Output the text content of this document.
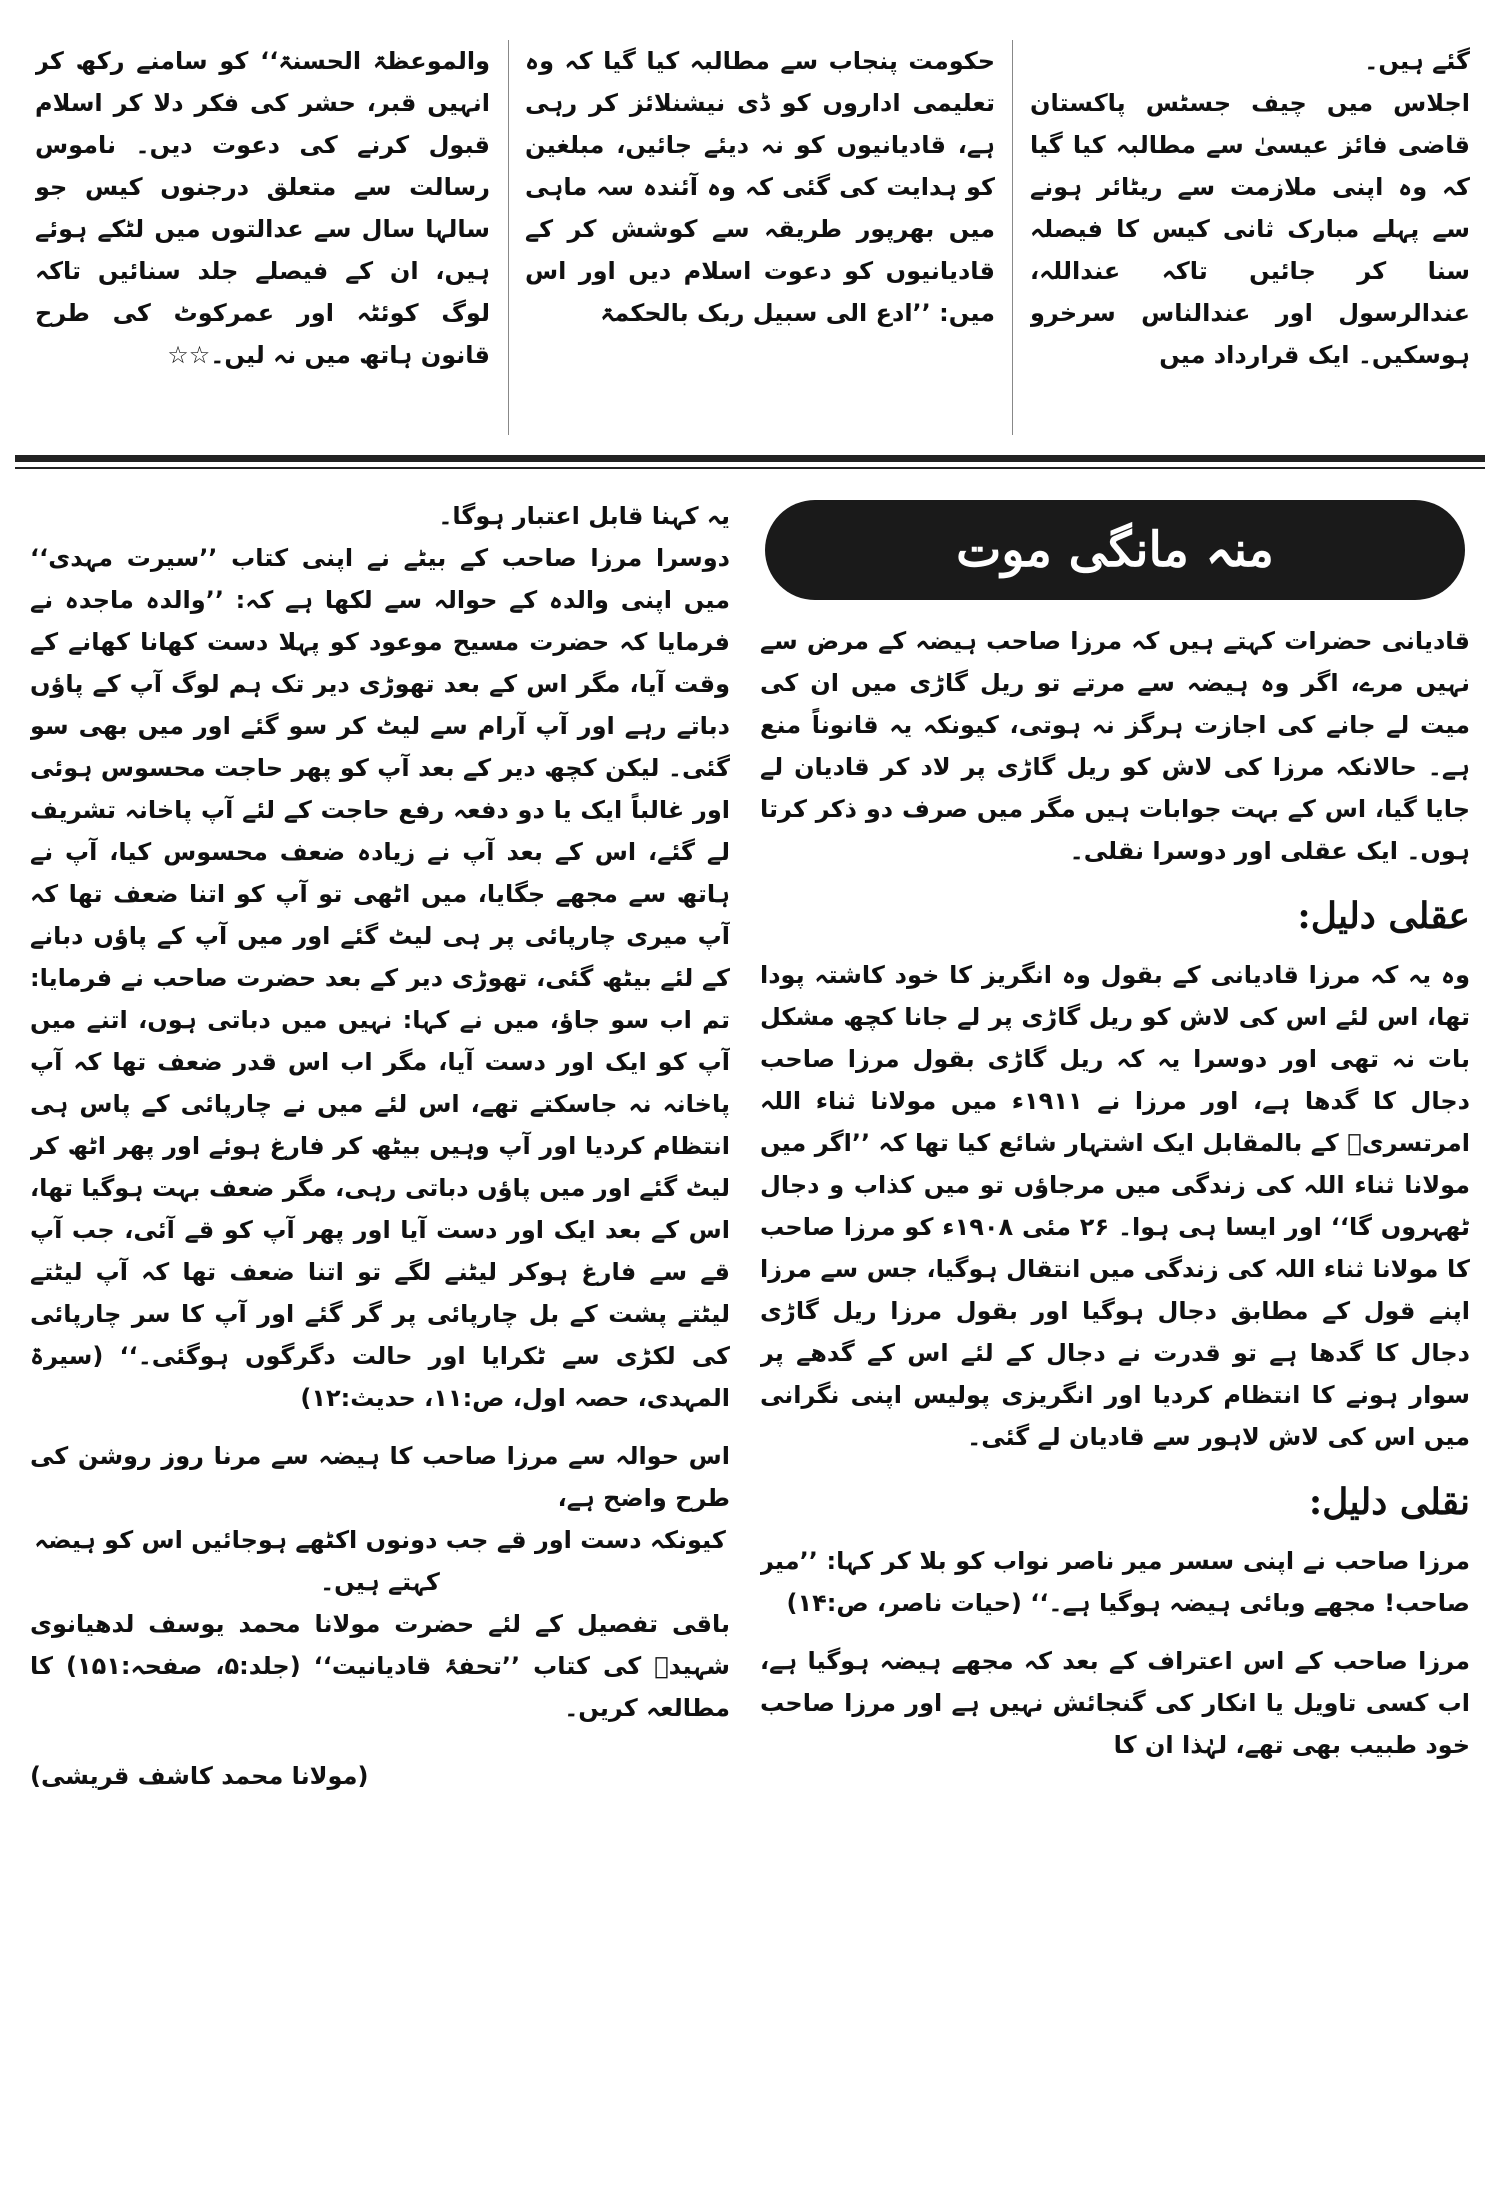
گئے ہیں۔

اجلاس میں چیف جسٹس پاکستان قاضی فائز عیسیٰ سے مطالبہ کیا گیا کہ وہ اپنی ملازمت سے ریٹائر ہونے سے پہلے مبارک ثانی کیس کا فیصلہ سنا کر جائیں تاکہ عنداللہ، عندالرسول اور عندالناس سرخرو ہوسکیں۔ ایک قرارداد میں

حکومت پنجاب سے مطالبہ کیا گیا کہ وہ تعلیمی اداروں کو ڈی نیشنلائز کر رہی ہے، قادیانیوں کو نہ دیئے جائیں، مبلغین کو ہدایت کی گئی کہ وہ آئندہ سہ ماہی میں بھرپور طریقہ سے کوشش کر کے قادیانیوں کو دعوت اسلام دیں اور اس میں: ’’ادع الی سبیل ربک بالحکمۃ

والموعظۃ الحسنۃ‘‘ کو سامنے رکھ کر انہیں قبر، حشر کی فکر دلا کر اسلام قبول کرنے کی دعوت دیں۔ ناموس رسالت سے متعلق درجنوں کیس جو سالہا سال سے عدالتوں میں لٹکے ہوئے ہیں، ان کے فیصلے جلد سنائیں تاکہ لوگ کوئٹہ اور عمرکوٹ کی طرح قانون ہاتھ میں نہ لیں۔☆☆

منہ مانگی موت

قادیانی حضرات کہتے ہیں کہ مرزا صاحب ہیضہ کے مرض سے نہیں مرے، اگر وہ ہیضہ سے مرتے تو ریل گاڑی میں ان کی میت لے جانے کی اجازت ہرگز نہ ہوتی، کیونکہ یہ قانوناً منع ہے۔ حالانکہ مرزا کی لاش کو ریل گاڑی پر لاد کر قادیان لے جایا گیا، اس کے بہت جوابات ہیں مگر میں صرف دو ذکر کرتا ہوں۔ ایک عقلی اور دوسرا نقلی۔

عقلی دلیل:

وہ یہ کہ مرزا قادیانی کے بقول وہ انگریز کا خود کاشتہ پودا تھا، اس لئے اس کی لاش کو ریل گاڑی پر لے جانا کچھ مشکل بات نہ تھی اور دوسرا یہ کہ ریل گاڑی بقول مرزا صاحب دجال کا گدھا ہے، اور مرزا نے ۱۹۱۱ء میں مولانا ثناء اللہ امرتسریؒ کے بالمقابل ایک اشتہار شائع کیا تھا کہ ’’اگر میں مولانا ثناء اللہ کی زندگی میں مرجاؤں تو میں کذاب و دجال ٹھہروں گا‘‘ اور ایسا ہی ہوا۔ ۲۶ مئی ۱۹۰۸ء کو مرزا صاحب کا مولانا ثناء اللہ کی زندگی میں انتقال ہوگیا، جس سے مرزا اپنے قول کے مطابق دجال ہوگیا اور بقول مرزا ریل گاڑی دجال کا گدھا ہے تو قدرت نے دجال کے لئے اس کے گدھے پر سوار ہونے کا انتظام کردیا اور انگریزی پولیس اپنی نگرانی میں اس کی لاش لاہور سے قادیان لے گئی۔

نقلی دلیل:

مرزا صاحب نے اپنی سسر میر ناصر نواب کو بلا کر کہا: ’’میر صاحب! مجھے وبائی ہیضہ ہوگیا ہے۔‘‘ (حیات ناصر، ص:۱۴)

مرزا صاحب کے اس اعتراف کے بعد کہ مجھے ہیضہ ہوگیا ہے، اب کسی تاویل یا انکار کی گنجائش نہیں ہے اور مرزا صاحب خود طبیب بھی تھے، لہٰذا ان کا

یہ کہنا قابل اعتبار ہوگا۔

دوسرا مرزا صاحب کے بیٹے نے اپنی کتاب ’’سیرت مہدی‘‘ میں اپنی والدہ کے حوالہ سے لکھا ہے کہ: ’’والدہ ماجدہ نے فرمایا کہ حضرت مسیح موعود کو پہلا دست کھانا کھانے کے وقت آیا، مگر اس کے بعد تھوڑی دیر تک ہم لوگ آپ کے پاؤں دباتے رہے اور آپ آرام سے لیٹ کر سو گئے اور میں بھی سو گئی۔ لیکن کچھ دیر کے بعد آپ کو پھر حاجت محسوس ہوئی اور غالباً ایک یا دو دفعہ رفع حاجت کے لئے آپ پاخانہ تشریف لے گئے، اس کے بعد آپ نے زیادہ ضعف محسوس کیا، آپ نے ہاتھ سے مجھے جگایا، میں اٹھی تو آپ کو اتنا ضعف تھا کہ آپ میری چارپائی پر ہی لیٹ گئے اور میں آپ کے پاؤں دبانے کے لئے بیٹھ گئی، تھوڑی دیر کے بعد حضرت صاحب نے فرمایا: تم اب سو جاؤ، میں نے کہا: نہیں میں دباتی ہوں، اتنے میں آپ کو ایک اور دست آیا، مگر اب اس قدر ضعف تھا کہ آپ پاخانہ نہ جاسکتے تھے، اس لئے میں نے چارپائی کے پاس ہی انتظام کردیا اور آپ وہیں بیٹھ کر فارغ ہوئے اور پھر اٹھ کر لیٹ گئے اور میں پاؤں دباتی رہی، مگر ضعف بہت ہوگیا تھا، اس کے بعد ایک اور دست آیا اور پھر آپ کو قے آئی، جب آپ قے سے فارغ ہوکر لیٹنے لگے تو اتنا ضعف تھا کہ آپ لیٹتے لیٹتے پشت کے بل چارپائی پر گر گئے اور آپ کا سر چارپائی کی لکڑی سے ٹکرایا اور حالت دگرگوں ہوگئی۔‘‘ (سیرۃ المہدی، حصہ اول، ص:۱۱، حدیث:۱۲)

اس حوالہ سے مرزا صاحب کا ہیضہ سے مرنا روز روشن کی طرح واضح ہے،

کیونکہ دست اور قے جب دونوں اکٹھے ہوجائیں اس کو ہیضہ کہتے ہیں۔

باقی تفصیل کے لئے حضرت مولانا محمد یوسف لدھیانوی شہیدؒ کی کتاب ’’تحفۂ قادیانیت‘‘ (جلد:۵، صفحہ:۱۵۱) کا مطالعہ کریں۔

(مولانا محمد کاشف قریشی)
